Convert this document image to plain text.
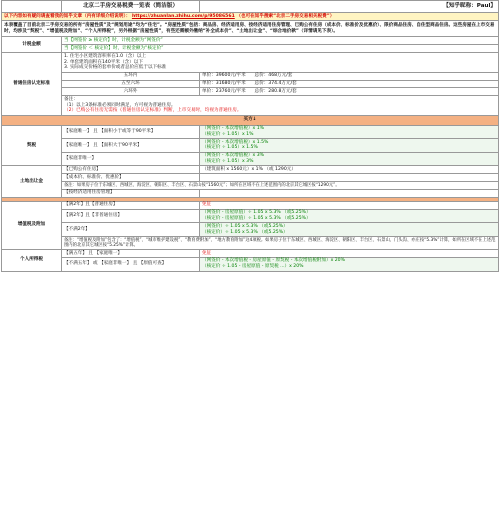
	北京二手房交易税费一览表（简洁版）	【知乎昵称：Paul】
以下内容如有疑问请查看我的知乎文章（内有详细介绍说明）： https://zhuanlan.zhihu.com/p/95086561 （也可在知乎搜索“北京二手房交易相关税费”）		
本表覆盖了目前北京二手房交易的所有“房屋性质”及“规划用途”均为“住宅”。“房屋性质”包括：商品房、经济适用房、按经济适用住房管理、已购公有住房（成本价、标准价及优惠价）、限价商品住房、自住型商品住房。这些房屋在上市交易时，均涉及“契税”、“增值税及附加”、“个人所得税”，另外根据“房屋性质”，有些还需额外缴纳“补全成本价”、“土地出让金”、“综合地价款”（详情请见下表）。		
计税金额	当【网签价 ≥ 核定价】时，计税金额为“网签价”	
	当【网签价 ＜ 核定价】时，计税金额为“核定价”	
普通住房认定标准	1. 住宅小区建筑容积率在1.0（含）以上
2. 单套建筑面积在140平米（含）以下
3. 实际成交价格的套单价或者总价应低于以下标准	

	五环内	单价：39600元/平米 总价：468万元/套
	五至六环	单价：31680元/平米 总价：374.4万元/套
	六环外	单价：23760元/平米 总价：280.8万元/套

	备注：
（1）以上3条标准必须同时满足，方可视为普通住房。
（2）已购公有住房无需按《普通住房认定标准》判断，上市交易时，均视为普通住房。	

买方↓		
契税	【家庭唯一】 且 【面积小于或等于90平米】	（网签价 - 本次增值税）x 1%
（核定价 ÷ 1.05）x 1%

	【家庭唯一】 且 【面积大于90平米】	（网签价 - 本次增值税）x 1.5%
（核定价 ÷ 1.05）x 1.5%

	【家庭非唯一】	（网签价 - 本次增值税）x 3%
（核定价 ÷ 1.05）x 3%

土地出让金	【已购公有住房】	（建筑面积 x 1560元）x 1% （或 1290元）
	【成本价、标准价、优惠价】	
	备注：如果房子位于东城区、西城区、海淀区、朝阳区、丰台区、石景山按“1560元”；如所在区域不在上述范围内的北京其它城区按“1290元”。	
	【按经济适用住房管理】	

增值税及附加	【满2年】且【普通住房】	免征
	【满2年】且【非普通住房】	（网签价 - 房屋原值）÷ 1.05 x 5.3% （或5.25%）
（核定价 - 房屋原值）÷ 1.05 x 5.3% （或5.25%）

	【不满2年】	（网签价）÷ 1.05 x 5.3% （或5.25%）
（核定价）÷ 1.05 x 5.3% （或5.25%）

	备注：“增值税及附加”包含了：“增值税”、“城市维护建设税”、“教育费附加”、“地方教育附加”这4项税。如果房子位于东城区、西城区、海淀区、朝阳区、丰台区、石景山、门头沟、亦庄按“5.3%”计算，如所在区域不在上述范围内的北京其它城区按“5.25%”计算。	
个人所得税	【满五年】 且 【家庭唯一】	免征
	【不满五年】 或 【家庭非唯一】 且 【原值可查】	（网签价 - 本次增值税 - 房屋原值 - 原契税 - 本次增值税附加）x 20%
（核定价 ÷ 1.05 - 房屋原值 - 原契税 ...）x 20%
